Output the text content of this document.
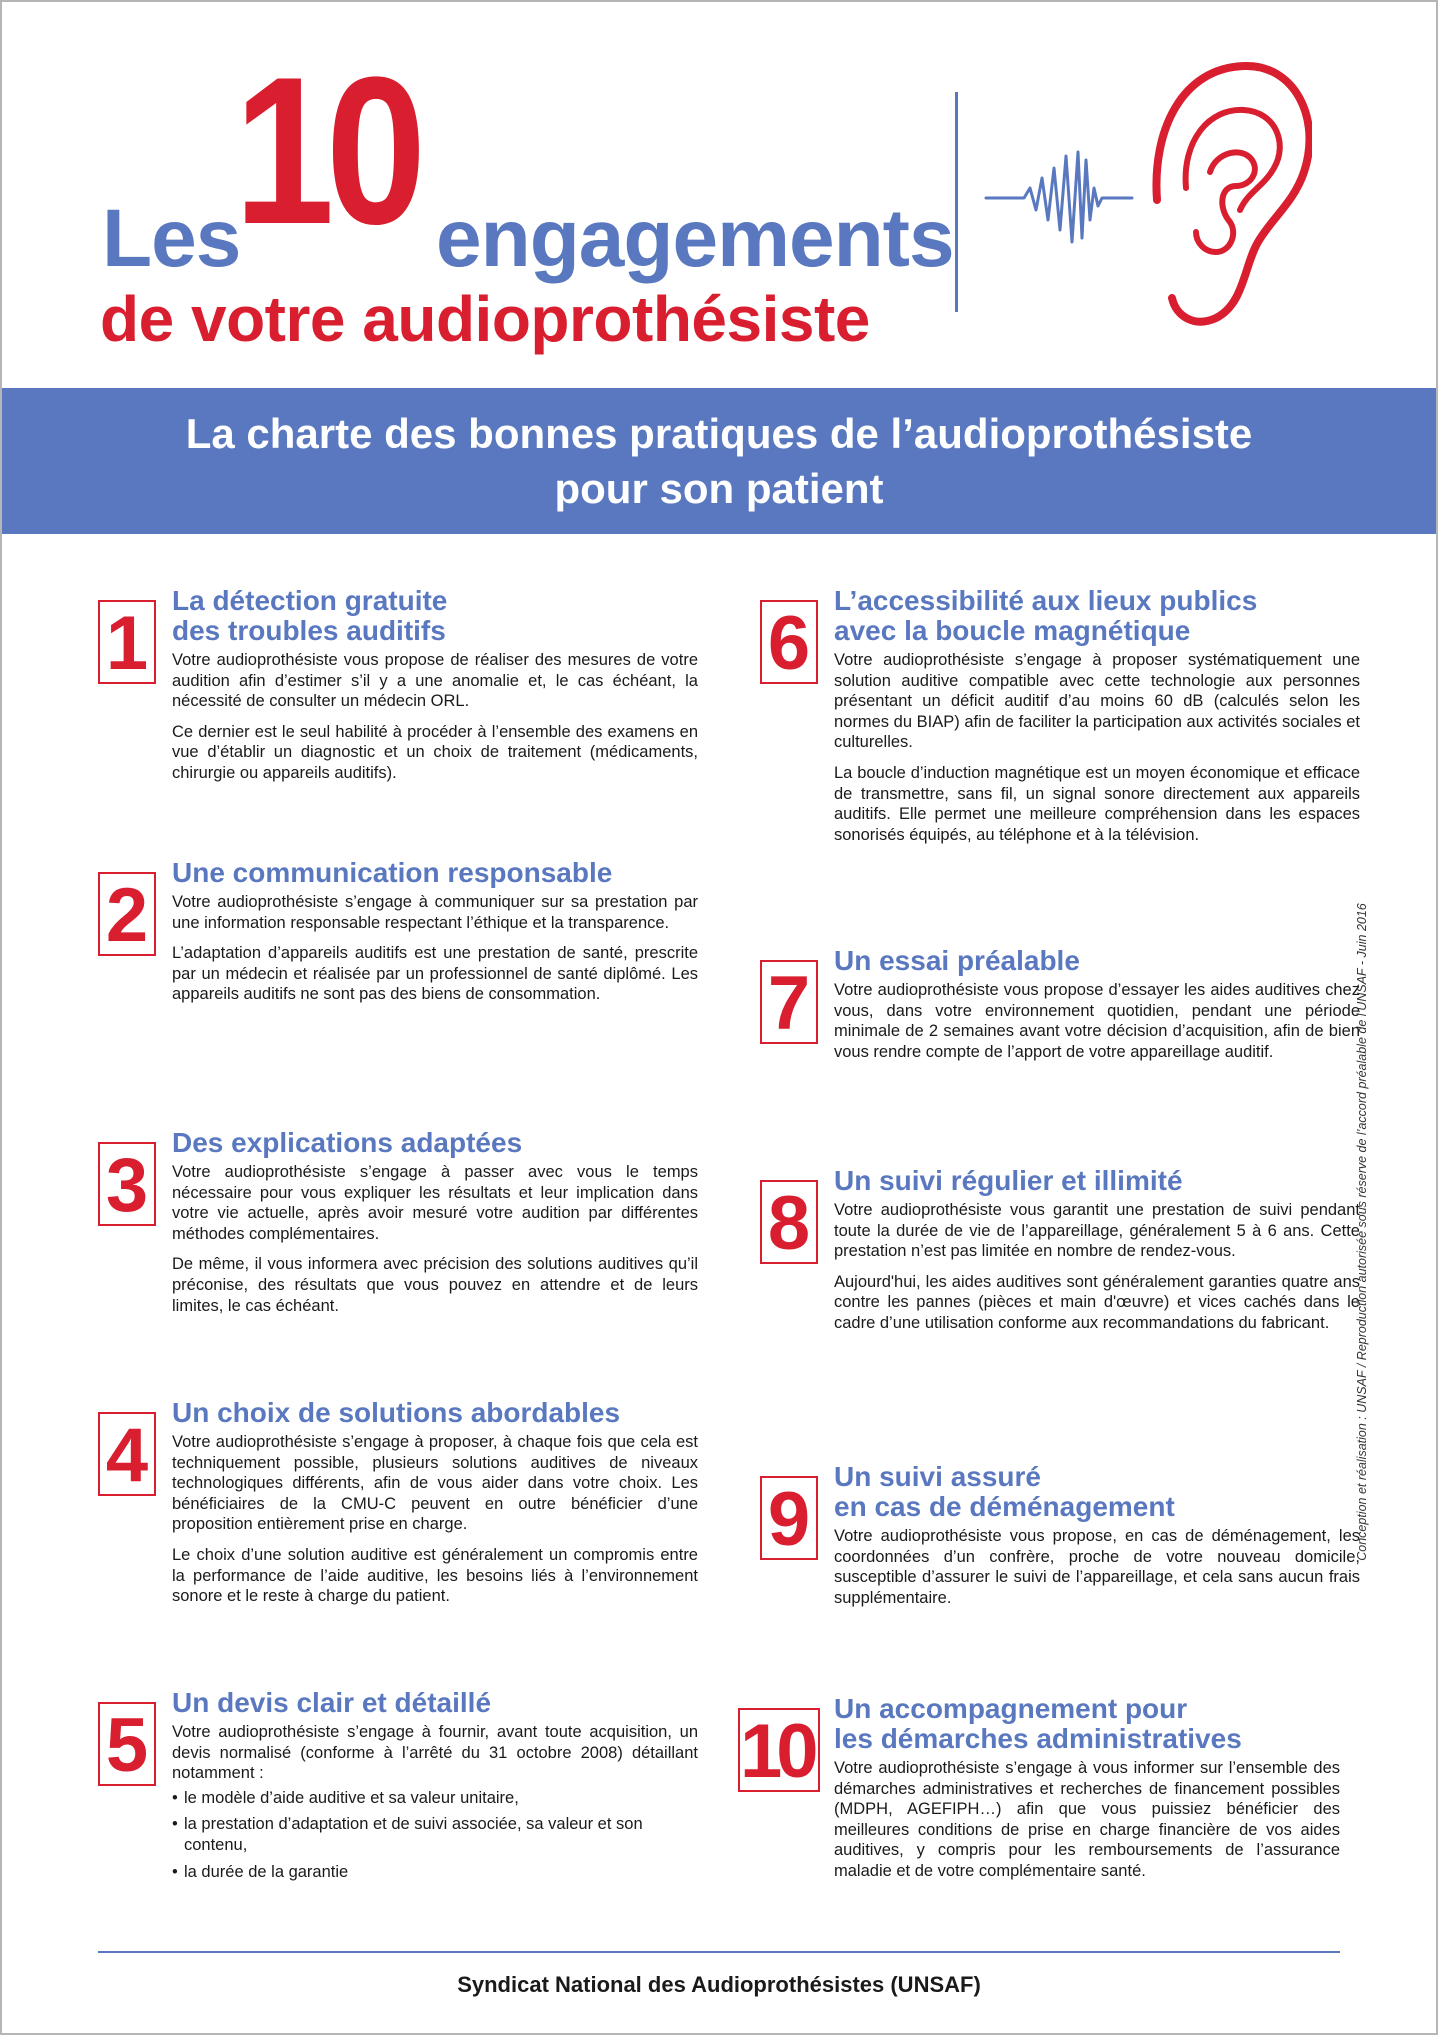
Les
10 engagements
de votre audioprothésiste
La charte des bonnes pratiques de l’audioprothésiste
pour son patient
1
La détection gratuite
des troubles auditifs

Votre audioprothésiste vous propose de réaliser des mesures de votre audition afin d’estimer s’il y a une anomalie et, le cas échéant, la nécessité de consulter un médecin ORL.

Ce dernier est le seul habilité à procéder à l’ensemble des examens en vue d’établir un diagnostic et un choix de traitement (médicaments, chirurgie ou appareils auditifs).

2
Une communication responsable

Votre audioprothésiste s’engage à communiquer sur sa prestation par une information responsable respectant l’éthique et la transparence.

L’adaptation d’appareils auditifs est une prestation de santé, prescrite par un médecin et réalisée par un professionnel de santé diplômé. Les appareils auditifs ne sont pas des biens de consommation.

3
Des explications adaptées

Votre audioprothésiste s’engage à passer avec vous le temps nécessaire pour vous expliquer les résultats et leur implication dans votre vie actuelle, après avoir mesuré votre audition par différentes méthodes complémentaires.

De même, il vous informera avec précision des solutions auditives qu’il préconise, des résultats que vous pouvez en attendre et de leurs limites, le cas échéant.

4
Un choix de solutions abordables

Votre audioprothésiste s’engage à proposer, à chaque fois que cela est techniquement possible, plusieurs solutions auditives de niveaux technologiques différents, afin de vous aider dans votre choix. Les bénéficiaires de la CMU-C peuvent en outre bénéficier d’une proposition entièrement prise en charge.

Le choix d’une solution auditive est généralement un compromis entre la performance de l’aide auditive, les besoins liés à l’environnement sonore et le reste à charge du patient.

5
Un devis clair et détaillé

Votre audioprothésiste s’engage à fournir, avant toute acquisition, un devis normalisé (conforme à l’arrêté du 31 octobre 2008) détaillant notamment :

• le modèle d’aide auditive et sa valeur unitaire,
• la prestation d’adaptation et de suivi associée, sa valeur et son contenu,
• la durée de la garantie
6
L’accessibilité aux lieux publics
avec la boucle magnétique

Votre audioprothésiste s’engage à proposer systématiquement une solution auditive compatible avec cette technologie aux personnes présentant un déficit auditif d’au moins 60 dB (calculés selon les normes du BIAP) afin de faciliter la participation aux activités sociales et culturelles.

La boucle d’induction magnétique est un moyen économique et efficace de transmettre, sans fil, un signal sonore directement aux appareils auditifs. Elle permet une meilleure compréhension dans les espaces sonorisés équipés, au téléphone et à la télévision.

7
Un essai préalable

Votre audioprothésiste vous propose d’essayer les aides auditives chez vous, dans votre environnement quotidien, pendant une période minimale de 2 semaines avant votre décision d’acquisition, afin de bien vous rendre compte de l’apport de votre appareillage auditif.

8
Un suivi régulier et illimité

Votre audioprothésiste vous garantit une prestation de suivi pendant toute la durée de vie de l’appareillage, généralement 5 à 6 ans. Cette prestation n’est pas limitée en nombre de rendez-vous.

Aujourd'hui, les aides auditives sont généralement garanties quatre ans contre les pannes (pièces et main d'œuvre) et vices cachés dans le cadre d’une utilisation conforme aux recommandations du fabricant.

9
Un suivi assuré
en cas de déménagement

Votre audioprothésiste vous propose, en cas de déménagement, les coordonnées d’un confrère, proche de votre nouveau domicile, susceptible d’assurer le suivi de l’appareillage, et cela sans aucun frais supplémentaire.

10
Un accompagnement pour
les démarches administratives

Votre audioprothésiste s’engage à vous informer sur l’ensemble des démarches administratives et recherches de financement possibles (MDPH, AGEFIPH…) afin que vous puissiez bénéficier des meilleures conditions de prise en charge financière de vos aides auditives, y compris pour les remboursements de l’assurance maladie et de votre complémentaire santé.

Conception et réalisation : UNSAF / Reproduction autorisée sous réserve de l’accord préalable de l’UNSAF - Juin 2016
Syndicat National des Audioprothésistes (UNSAF)
